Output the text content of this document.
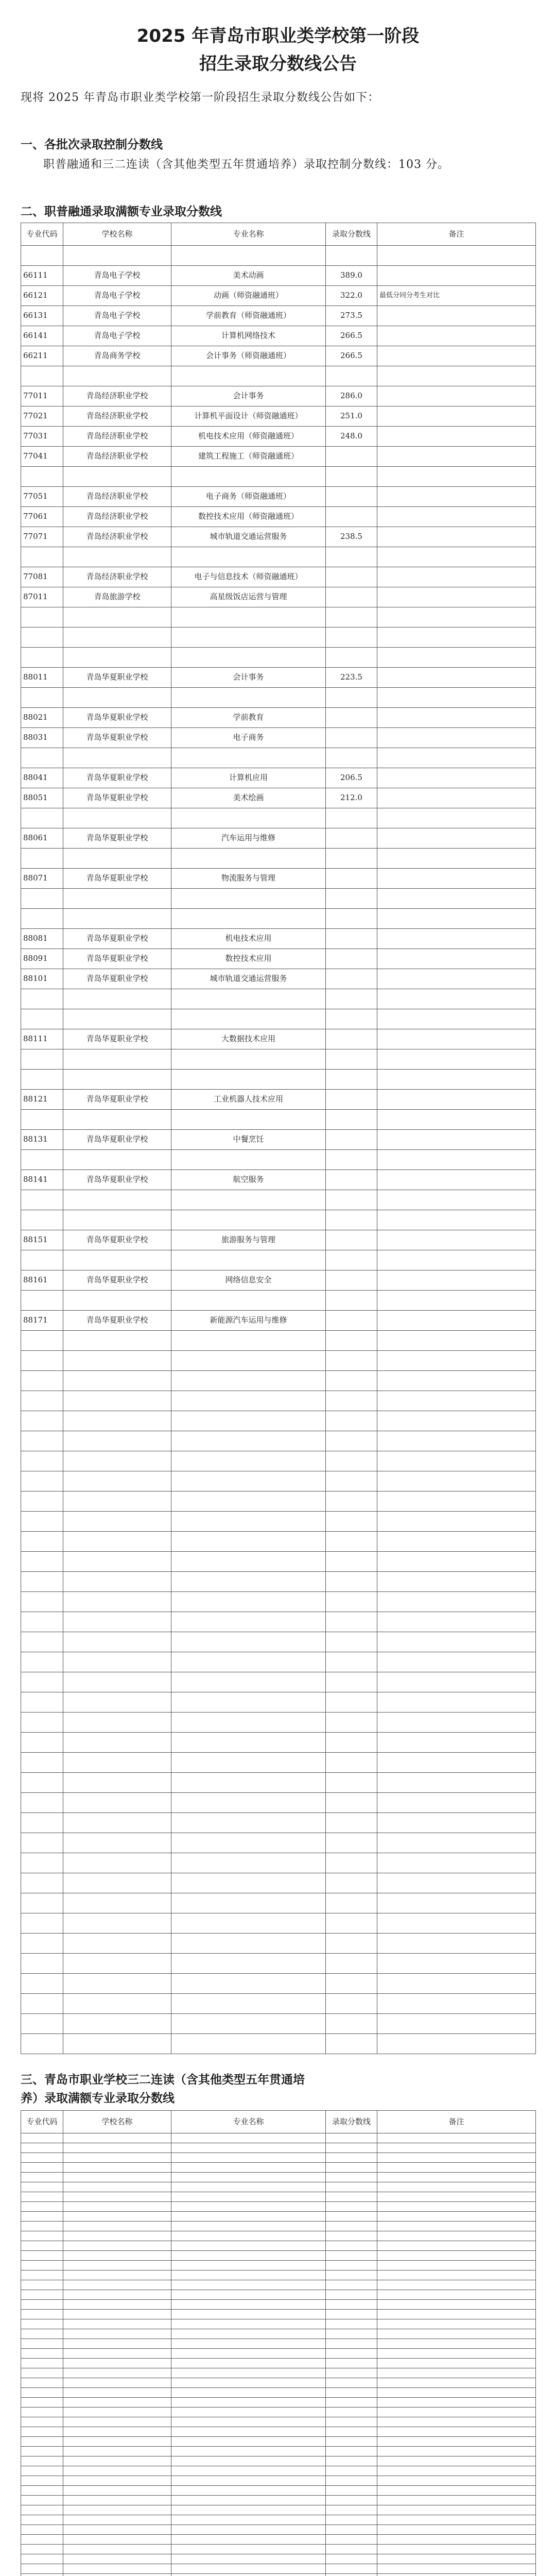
2025 年青岛市职业类学校第一阶段
招生录取分数线公告
现将 2025 年青岛市职业类学校第一阶段招生录取分数线公告如下：
一、各批次录取控制分数线
职普融通和三二连读（含其他类型五年贯通培养）录取控制分数线：103 分。
二、职普融通录取满额专业录取分数线
专业代码	学校名称	专业名称	录取分数线	备注

66111	青岛电子学校	美术动画	389.0	
66121	青岛电子学校	动画（师资融通班）	322.0	最低分同分考生对比
66131	青岛电子学校	学前教育（师资融通班）	273.5	
66141	青岛电子学校	计算机网络技术	266.5	
66211	青岛商务学校	会计事务（师资融通班）	266.5	

77011	青岛经济职业学校	会计事务	286.0	
77021	青岛经济职业学校	计算机平面设计（师资融通班）	251.0	
77031	青岛经济职业学校	机电技术应用（师资融通班）	248.0	
77041	青岛经济职业学校	建筑工程施工（师资融通班）		

77051	青岛经济职业学校	电子商务（师资融通班）		
77061	青岛经济职业学校	数控技术应用（师资融通班）		
77071	青岛经济职业学校	城市轨道交通运营服务	238.5	

77081	青岛经济职业学校	电子与信息技术（师资融通班）		
87011	青岛旅游学校	高星级饭店运营与管理		

88011	青岛华夏职业学校	会计事务	223.5	

88021	青岛华夏职业学校	学前教育		
88031	青岛华夏职业学校	电子商务		

88041	青岛华夏职业学校	计算机应用	206.5	
88051	青岛华夏职业学校	美术绘画	212.0	

88061	青岛华夏职业学校	汽车运用与维修		

88071	青岛华夏职业学校	物流服务与管理		

88081	青岛华夏职业学校	机电技术应用		
88091	青岛华夏职业学校	数控技术应用		
88101	青岛华夏职业学校	城市轨道交通运营服务		

88111	青岛华夏职业学校	大数据技术应用		

88121	青岛华夏职业学校	工业机器人技术应用		

88131	青岛华夏职业学校	中餐烹饪		

88141	青岛华夏职业学校	航空服务		

88151	青岛华夏职业学校	旅游服务与管理		

88161	青岛华夏职业学校	网络信息安全		

88171	青岛华夏职业学校	新能源汽车运用与维修		

三、青岛市职业学校三二连读（含其他类型五年贯通培
养）录取满额专业录取分数线
专业代码	学校名称	专业名称	录取分数线	备注
